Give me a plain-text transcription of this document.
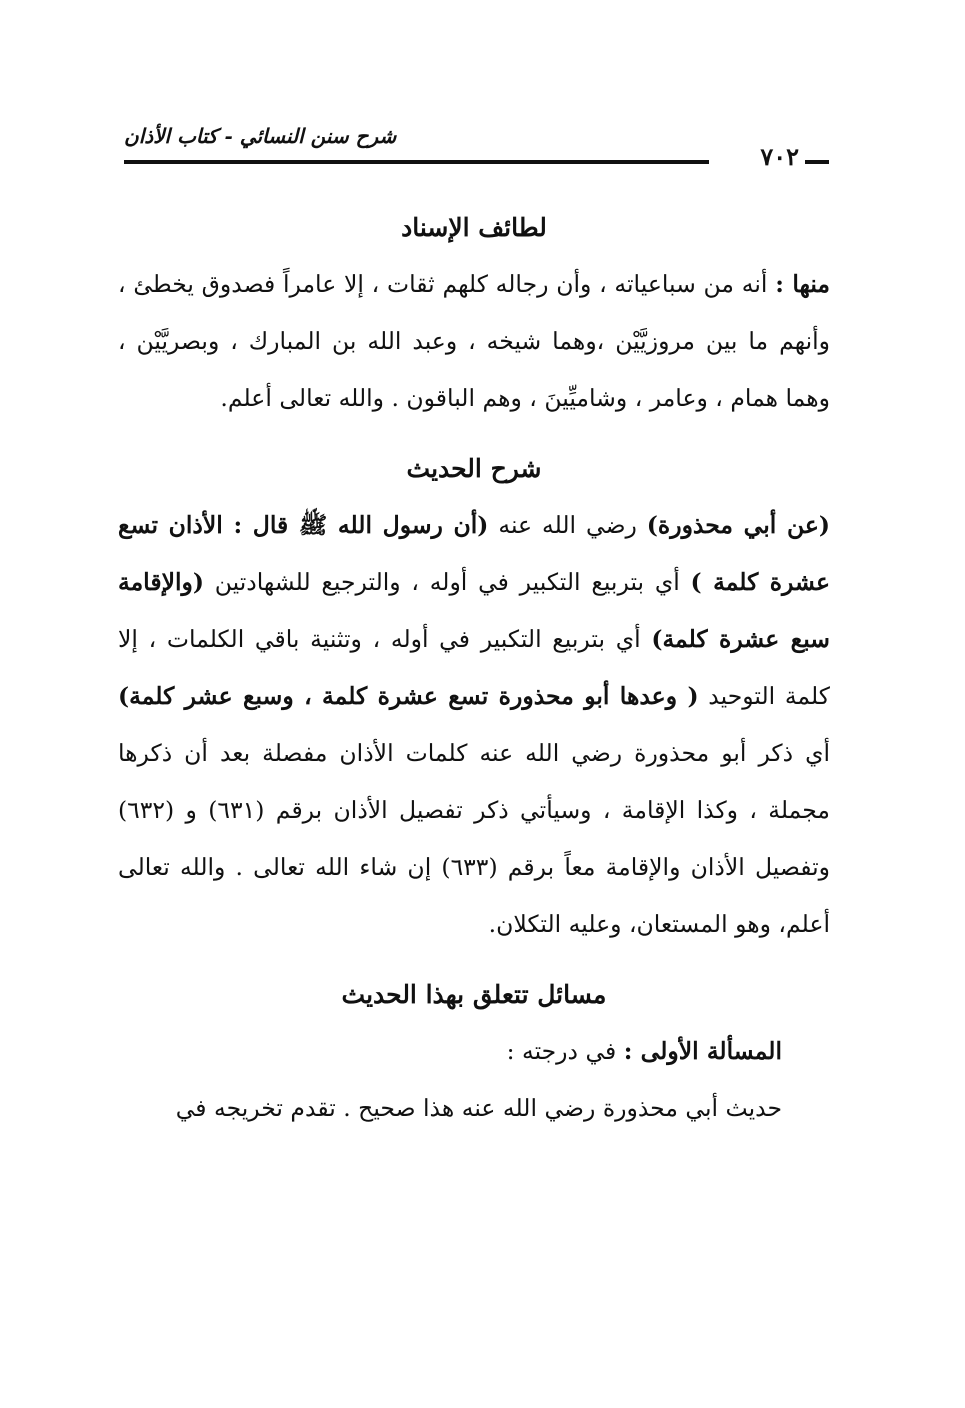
٧٠٢
شرح سنن النسائي - كتاب الأذان
لطائف الإسناد

منها : أنه من سباعياته ، وأن رجاله كلهم ثقات ، إلا عامراً فصدوق يخطئ ، وأنهم ما بين مروزيَّيْن ،وهما شيخه ، وعبد الله بن المبارك ، وبصريَّيْن ، وهما همام ، وعامر ، وشاميِّينَ ، وهم الباقون . والله تعالى أعلم.

شرح الحديث

(عن أبي محذورة) رضي الله عنه (أن رسول الله ﷺ قال : الأذان تسع عشرة كلمة ) أي بتربيع التكبير في أوله ، والترجيع للشهادتين (والإقامة سبع عشرة كلمة) أي بتربيع التكبير في أوله ، وتثنية باقي الكلمات ، إلا كلمة التوحيد ( وعدها أبو محذورة تسع عشرة كلمة ، وسبع عشر كلمة) أي ذكر أبو محذورة رضي الله عنه كلمات الأذان مفصلة بعد أن ذكرها مجملة ، وكذا الإقامة ، وسيأتي ذكر تفصيل الأذان برقم (٦٣١) و (٦٣٢) وتفصيل الأذان والإقامة معاً برقم (٦٣٣) إن شاء الله تعالى . والله تعالى أعلم، وهو المستعان، وعليه التكلان.

مسائل تتعلق بهذا الحديث

المسألة الأولى : في درجته :

حديث أبي محذورة رضي الله عنه هذا صحيح . تقدم تخريجه في
